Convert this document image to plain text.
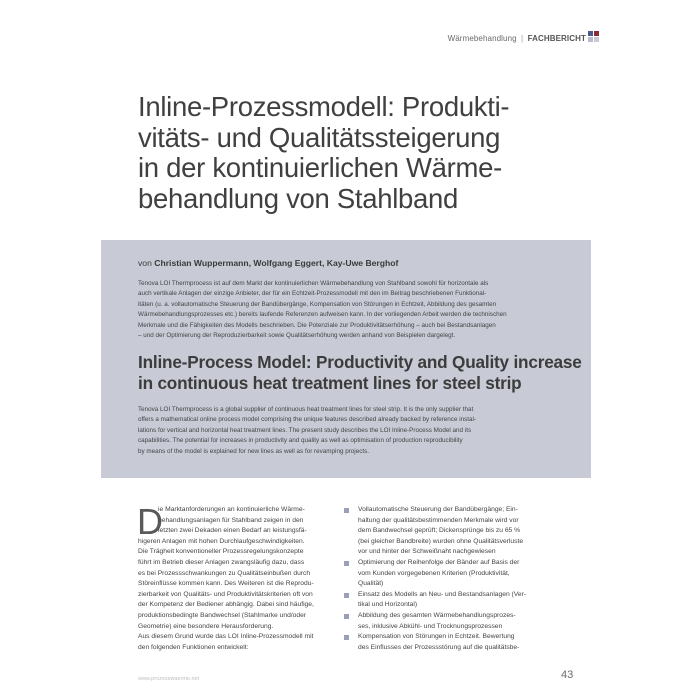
Wärmebehandlung | FACHBERICHT
Inline-Prozessmodell: Produkti-
vitäts- und Qualitätssteigerung
in der kontinuierlichen Wärme-
behandlung von Stahlband
von Christian Wuppermann, Wolfgang Eggert, Kay-Uwe Berghof
Tenova LOI Thermprocess ist auf dem Markt der kontinuierlichen Wärmebehandlung von Stahlband sowohl für horizontale als
auch vertikale Anlagen der einzige Anbieter, der für ein Echtzeit-Prozessmodell mit den im Beitrag beschriebenen Funktional-
itäten (u. a. vollautomatische Steuerung der Bandübergänge, Kompensation von Störungen in Echtzeit, Abbildung des gesamten
Wärmebehandlungsprozesses etc.) bereits laufende Referenzen aufweisen kann. In der vorliegenden Arbeit werden die technischen
Merkmale und die Fähigkeiten des Modells beschrieben. Die Potenziale zur Produktivitätserhöhung – auch bei Bestandsanlagen
– und der Optimierung der Reproduzierbarkeit sowie Qualitätserhöhung werden anhand von Beispielen dargelegt.
Inline-Process Model: Productivity and Quality increase
in continuous heat treatment lines for steel strip
Tenova LOI Thermprocess is a global supplier of continuous heat treatment lines for steel strip. It is the only supplier that
offers a mathematical online process model comprising the unique features described already backed by reference instal-
lations for vertical and horizontal heat treatment lines. The present study describes the LOI Inline-Process Model and its
capabilities. The potential for increases in productivity and quality as well as optimisation of production reproducibility
by means of the model is explained for new lines as well as for revamping projects.
D
ie Marktanforderungen an kontinuierliche Wärme-
behandlungsanlagen für Stahlband zeigen in den
letzten zwei Dekaden einen Bedarf an leistungsfä-
higeren Anlagen mit hohen Durchlaufgeschwindigkeiten.
Die Trägheit konventioneller Prozessregelungskonzepte
führt im Betrieb dieser Anlagen zwangsläufig dazu, dass
es bei Prozessschwankungen zu Qualitätseinbußen durch
Störeinflüsse kommen kann. Des Weiteren ist die Reprodu-
zierbarkeit von Qualitäts- und Produktivitätskriterien oft von
der Kompetenz der Bediener abhängig. Dabei sind häufige,
produktionsbedingte Bandwechsel (Stahlmarke und/oder
Geometrie) eine besondere Herausforderung.
Aus diesem Grund wurde das LOI Inline-Prozessmodell mit
den folgenden Funktionen entwickelt:
Vollautomatische Steuerung der Bandübergänge; Ein-
haltung der qualitätsbestimmenden Merkmale wird vor
dem Bandwechsel geprüft; Dickensprünge bis zu 65 %
(bei gleicher Bandbreite) wurden ohne Qualitätsverluste
vor und hinter der Schweißnaht nachgewiesen
Optimierung der Reihenfolge der Bänder auf Basis der
vom Kunden vorgegebenen Kriterien (Produktivität,
Qualität)
Einsatz des Modells an Neu- und Bestandsanlagen (Ver-
tikal und Horizontal)
Abbildung des gesamten Wärmebehandlungsprozes-
ses, inklusive Abkühl- und Trocknungsprozessen
Kompensation von Störungen in Echtzeit. Bewertung
des Einflusses der Prozessstörung auf die qualitätsbe-
www.prozesswaerme.net	43
